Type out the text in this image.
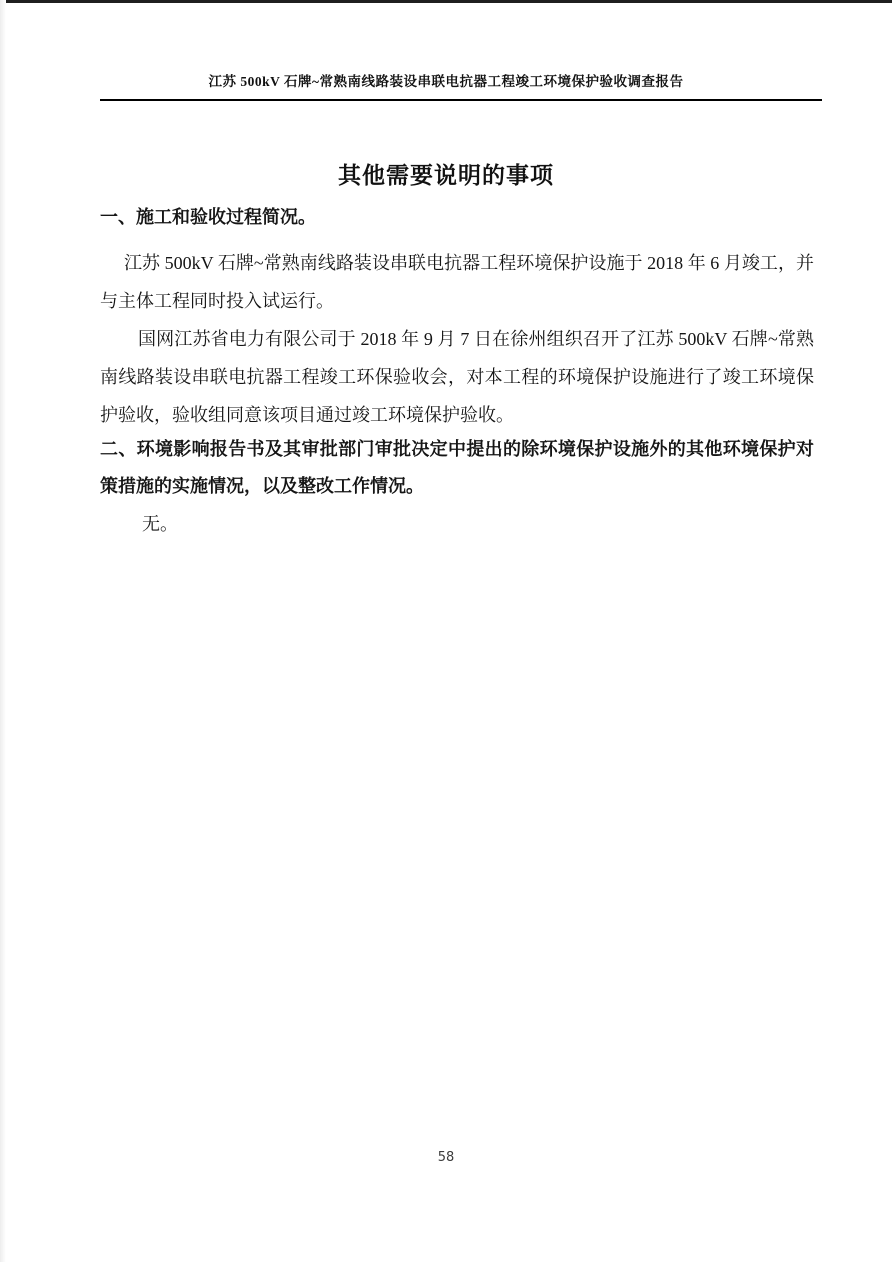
江苏 500kV 石牌~常熟南线路装设串联电抗器工程竣工环境保护验收调查报告
其他需要说明的事项

一、施工和验收过程简况。

江苏 500kV 石牌~常熟南线路装设串联电抗器工程环境保护设施于 2018 年 6 月竣工，并与主体工程同时投入试运行。

国网江苏省电力有限公司于 2018 年 9 月 7 日在徐州组织召开了江苏 500kV 石牌~常熟南线路装设串联电抗器工程竣工环保验收会，对本工程的环境保护设施进行了竣工环境保护验收，验收组同意该项目通过竣工环境保护验收。

二、环境影响报告书及其审批部门审批决定中提出的除环境保护设施外的其他环境保护对策措施的实施情况，以及整改工作情况。

无。

58
